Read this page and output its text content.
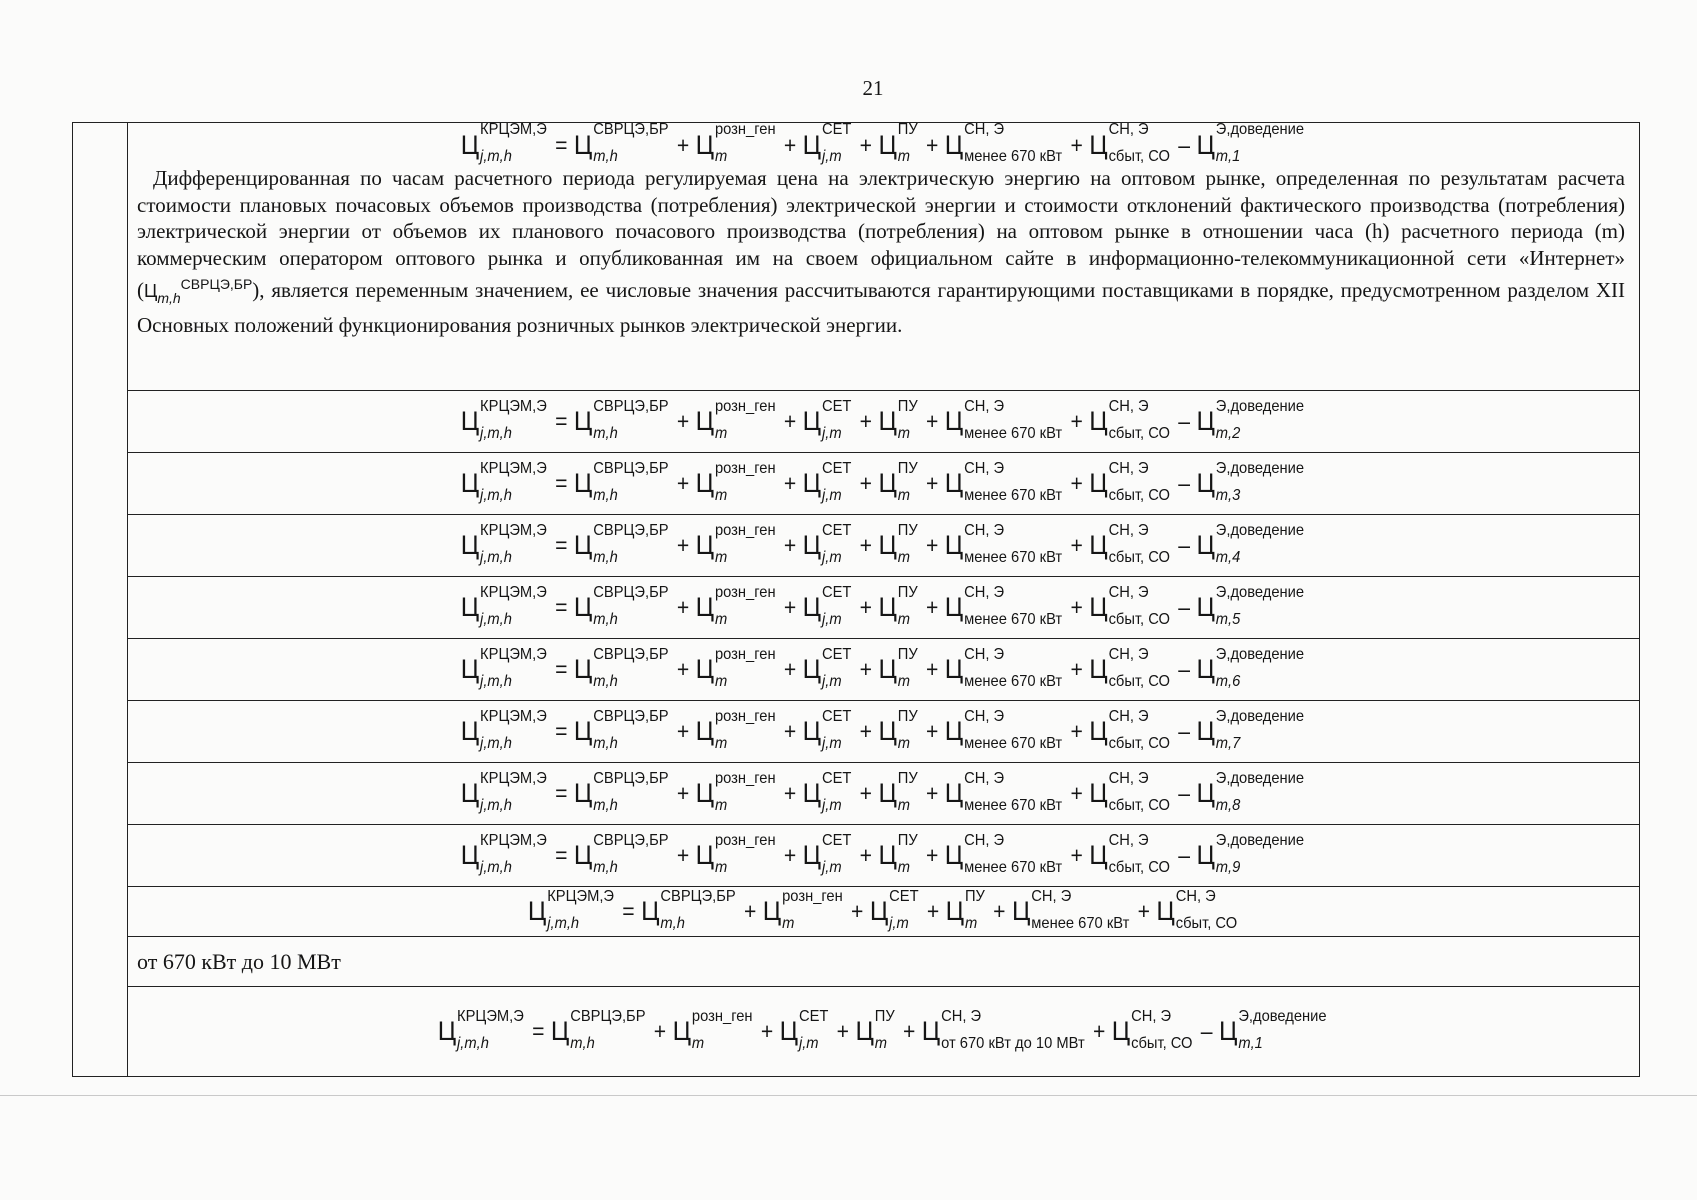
21
Ц КРЦЭМ,Э
j,m,h	= Ц СВРЦЭ,БР
m,h	+ Ц розн_ген
m	+ Ц СЕТ
j,m + Ц ПУ
m + Ц СН, Э
менее 670 кВт + Ц СН, Э
сбыт, СО – Ц Э,доведение
m,1
Дифференцированная по часам расчетного периода регулируемая цена на электрическую энергию на оптовом рынке, определенная по результатам расчета стоимости плановых почасовых объемов производства (потребления) электрической энергии и стоимости отклонений фактического производства (потребления) электрической энергии от объемов их планового почасового производства (потребления) на оптовом рынке в отношении часа (h) расчетного периода (m) коммерческим оператором оптового рынка и опубликованная им на своем официальном сайте в информационно-телекоммуникационной сети «Интернет» $(Ц_{m,h}^{СВРЦЭ,БР})$, является переменным значением, ее числовые значения рассчитываются гарантирующими поставщиками в порядке, предусмотренном разделом XII Основных положений функционирования розничных рынков электрической энергии.
Ц КРЦЭМ,Э
j,m,h	= Ц СВРЦЭ,БР
m,h	+ Ц розн_ген
m	+ Ц СЕТ
j,m + Ц ПУ
m + Ц СН, Э
менее 670 кВт + Ц СН, Э
сбыт, СО – Ц Э,доведение
m,2
Ц КРЦЭМ,Э
j,m,h	= Ц СВРЦЭ,БР
m,h	+ Ц розн_ген
m	+ Ц СЕТ
j,m + Ц ПУ
m + Ц СН, Э
менее 670 кВт + Ц СН, Э
сбыт, СО – Ц Э,доведение
m,3
Ц КРЦЭМ,Э
j,m,h	= Ц СВРЦЭ,БР
m,h	+ Ц розн_ген
m	+ Ц СЕТ
j,m + Ц ПУ
m + Ц СН, Э
менее 670 кВт + Ц СН, Э
сбыт, СО – Ц Э,доведение
m,4
Ц КРЦЭМ,Э
j,m,h	= Ц СВРЦЭ,БР
m,h	+ Ц розн_ген
m	+ Ц СЕТ
j,m + Ц ПУ
m + Ц СН, Э
менее 670 кВт + Ц СН, Э
сбыт, СО – Ц Э,доведение
m,5
Ц КРЦЭМ,Э
j,m,h	= Ц СВРЦЭ,БР
m,h	+ Ц розн_ген
m	+ Ц СЕТ
j,m + Ц ПУ
m + Ц СН, Э
менее 670 кВт + Ц СН, Э
сбыт, СО – Ц Э,доведение
m,6
Ц КРЦЭМ,Э
j,m,h	= Ц СВРЦЭ,БР
m,h	+ Ц розн_ген
m	+ Ц СЕТ
j,m + Ц ПУ
m + Ц СН, Э
менее 670 кВт + Ц СН, Э
сбыт, СО – Ц Э,доведение
m,7
Ц КРЦЭМ,Э
j,m,h	= Ц СВРЦЭ,БР
m,h	+ Ц розн_ген
m	+ Ц СЕТ
j,m + Ц ПУ
m + Ц СН, Э
менее 670 кВт + Ц СН, Э
сбыт, СО – Ц Э,доведение
m,8
Ц КРЦЭМ,Э
j,m,h	= Ц СВРЦЭ,БР
m,h	+ Ц розн_ген
m	+ Ц СЕТ
j,m + Ц ПУ
m + Ц СН, Э
менее 670 кВт + Ц СН, Э
сбыт, СО – Ц Э,доведение
m,9
Ц КРЦЭМ,Э
j,m,h	= Ц СВРЦЭ,БР
m,h	+ Ц розн_ген
m	+ Ц СЕТ
j,m + Ц ПУ
m + Ц СН, Э
менее 670 кВт + Ц СН, Э
сбыт, СО
от 670 кВт до 10 МВт
Ц КРЦЭМ,Э
j,m,h	= Ц СВРЦЭ,БР
m,h	+ Ц розн_ген
m	+ Ц СЕТ
j,m + Ц ПУ
m + Ц СН, Э
от 670 кВт до 10 МВт + Ц СН, Э
сбыт, СО – Ц Э,доведение
m,1
